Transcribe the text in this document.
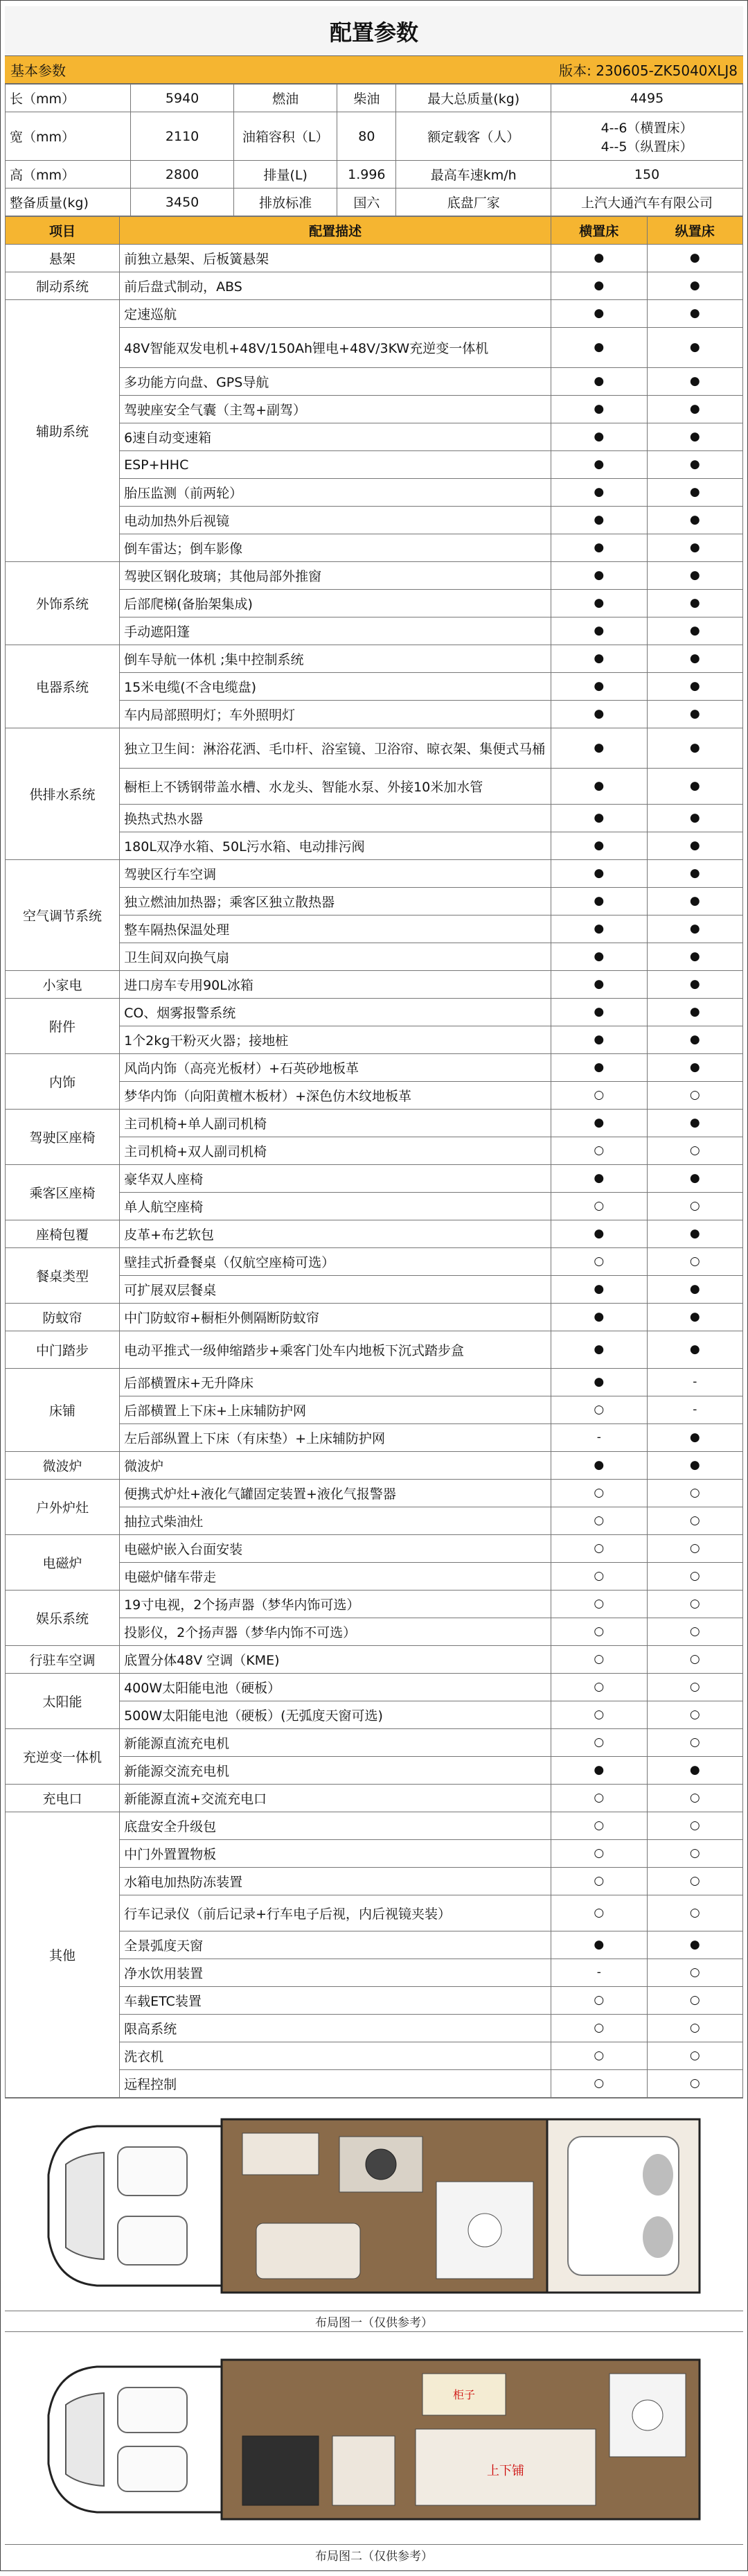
配置参数
基本参数	版本: 230605-ZK5040XLJ8
长（mm）	5940	燃油	柴油	最大总质量(kg)	4495
宽（mm）	2110	油箱容积（L）	80	额定载客（人）	4--6（横置床）
4--5（纵置床）
高（mm）	2800	排量(L)	1.996	最高车速km/h	150
整备质量(kg)	3450	排放标准	国六	底盘厂家	上汽大通汽车有限公司
项目	配置描述	横置床	纵置床
悬架	前独立悬架、后板簧悬架	●	●
制动系统	前后盘式制动，ABS	●	●
辅助系统	定速巡航	●	●
	48V智能双发电机+48V/150Ah锂电+48V/3KW充逆变一体机	●	●
	多功能方向盘、GPS导航	●	●
	驾驶座安全气囊（主驾+副驾）	●	●
	6速自动变速箱	●	●
	ESP+HHC	●	●
	胎压监测（前两轮）	●	●
	电动加热外后视镜	●	●
	倒车雷达；倒车影像	●	●
外饰系统	驾驶区钢化玻璃；其他局部外推窗	●	●
	后部爬梯(备胎架集成)	●	●
	手动遮阳篷	●	●
电器系统	倒车导航一体机 ;集中控制系统	●	●
	15米电缆(不含电缆盘)	●	●
	车内局部照明灯；车外照明灯	●	●
供排水系统	独立卫生间：淋浴花洒、毛巾杆、浴室镜、卫浴帘、晾衣架、集便式马桶	●	●
	橱柜上不锈钢带盖水槽、水龙头、智能水泵、外接10米加水管	●	●
	换热式热水器	●	●
	180L双净水箱、50L污水箱、电动排污阀	●	●
空气调节系统	驾驶区行车空调	●	●
	独立燃油加热器；乘客区独立散热器	●	●
	整车隔热保温处理	●	●
	卫生间双向换气扇	●	●
小家电	进口房车专用90L冰箱	●	●
附件	CO、烟雾报警系统	●	●
	1个2kg干粉灭火器；接地桩	●	●
内饰	风尚内饰（高亮光板材）+石英砂地板革	●	●
	梦华内饰（向阳黄檀木板材）+深色仿木纹地板革	○	○
驾驶区座椅	主司机椅+单人副司机椅	●	●
	主司机椅+双人副司机椅	○	○
乘客区座椅	豪华双人座椅	●	●
	单人航空座椅	○	○
座椅包覆	皮革+布艺软包	●	●
餐桌类型	壁挂式折叠餐桌（仅航空座椅可选）	○	○
	可扩展双层餐桌	●	●
防蚊帘	中门防蚊帘+橱柜外侧隔断防蚊帘	●	●
中门踏步	电动平推式一级伸缩踏步+乘客门处车内地板下沉式踏步盒	●	●
床铺	后部横置床+无升降床	●	-
	后部横置上下床+上床辅防护网	○	-
	左后部纵置上下床（有床垫）+上床辅防护网	-	●
微波炉	微波炉	●	●
户外炉灶	便携式炉灶+液化气罐固定装置+液化气报警器	○	○
	抽拉式柴油灶	○	○
电磁炉	电磁炉嵌入台面安装	○	○
	电磁炉储车带走	○	○
娱乐系统	19寸电视，2个扬声器（梦华内饰可选）	○	○
	投影仪，2个扬声器（梦华内饰不可选）	○	○
行驻车空调	底置分体48V 空调（KME)	○	○
太阳能	400W太阳能电池（硬板）	○	○
	500W太阳能电池（硬板）(无弧度天窗可选)	○	○
充逆变一体机	新能源直流充电机	○	○
	新能源交流充电机	●	●
充电口	新能源直流+交流充电口	○	○
其他	底盘安全升级包	○	○
	中门外置置物板	○	○
	水箱电加热防冻装置	○	○
	行车记录仪（前后记录+行车电子后视，内后视镜夹装）	○	○
	全景弧度天窗	●	●
	净水饮用装置	-	○
	车载ETC装置	○	○
	限高系统	○	○
	洗衣机	○	○
	远程控制	○	○
布局图一（仅供参考）
柜子
上下铺
布局图二（仅供参考）
